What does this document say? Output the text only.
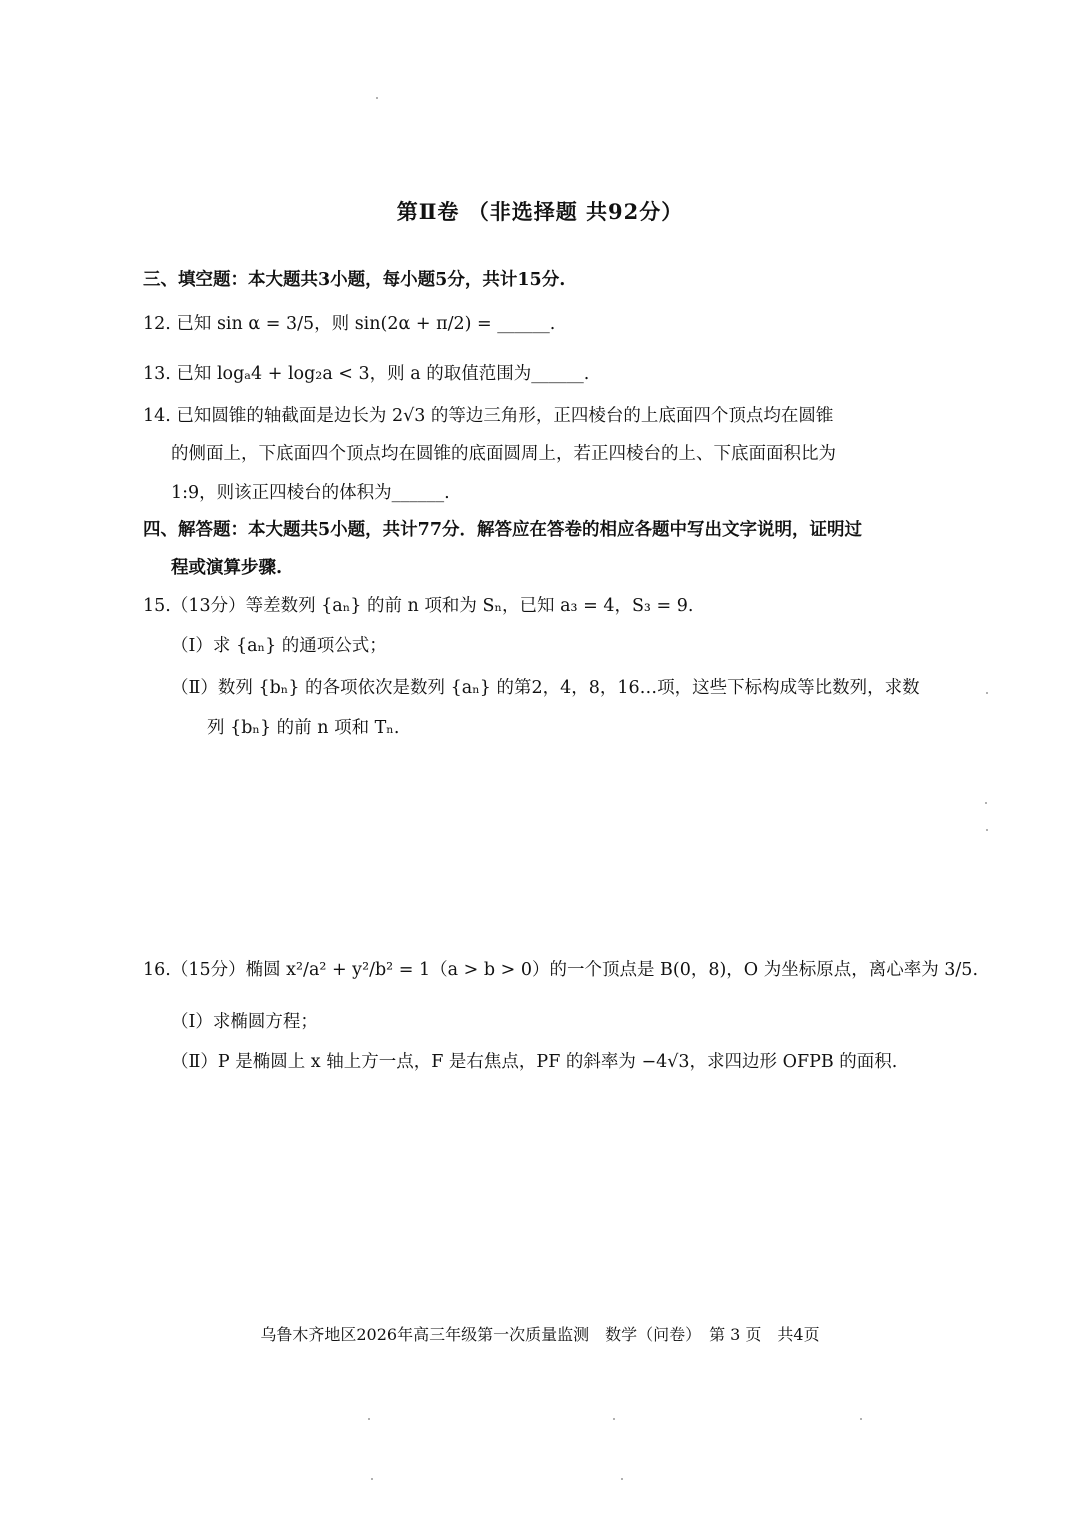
第Ⅱ卷 （非选择题 共92分）
三、填空题：本大题共3小题，每小题5分，共计15分.
12. 已知 sin α = 3/5，则 sin(2α + π/2) = ______.
13. 已知 logₐ4 + log₂a < 3，则 a 的取值范围为______.
14. 已知圆锥的轴截面是边长为 2√3 的等边三角形，正四棱台的上底面四个顶点均在圆锥
的侧面上，下底面四个顶点均在圆锥的底面圆周上，若正四棱台的上、下底面面积比为
1:9，则该正四棱台的体积为______.
四、解答题：本大题共5小题，共计77分．解答应在答卷的相应各题中写出文字说明，证明过
程或演算步骤.
15.（13分）等差数列 {aₙ} 的前 n 项和为 Sₙ，已知 a₃ = 4，S₃ = 9.
（Ⅰ）求 {aₙ} 的通项公式；
（Ⅱ）数列 {bₙ} 的各项依次是数列 {aₙ} 的第2，4，8，16…项，这些下标构成等比数列，求数
列 {bₙ} 的前 n 项和 Tₙ.
16.（15分）椭圆 x²/a² + y²/b² = 1（a > b > 0）的一个顶点是 B(0，8)，O 为坐标原点，离心率为 3/5.
（Ⅰ）求椭圆方程；
（Ⅱ）P 是椭圆上 x 轴上方一点，F 是右焦点，PF 的斜率为 −4√3，求四边形 OFPB 的面积.
乌鲁木齐地区2026年高三年级第一次质量监测　数学（问卷）　第 3 页　共4页
